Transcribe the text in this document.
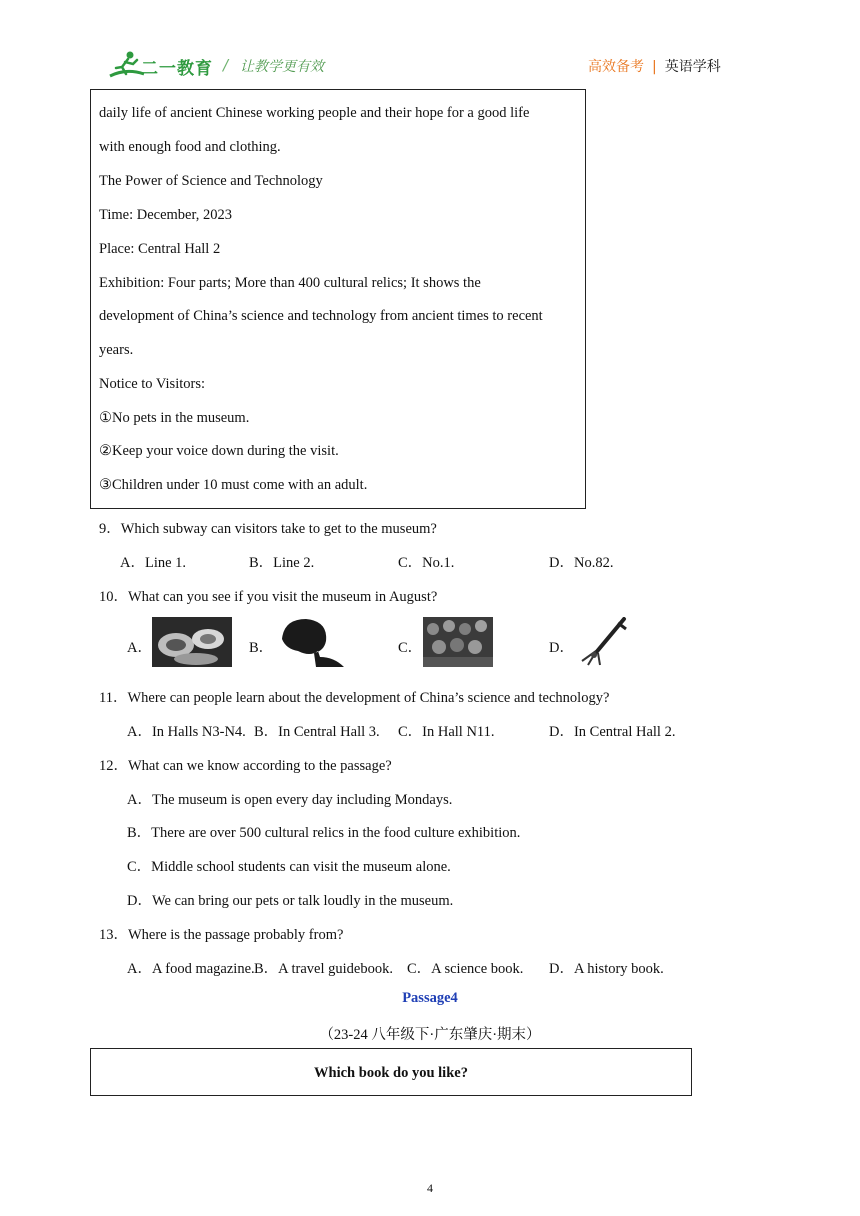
二一教育 / 让教学更有效	高效备考 | 英语学科
daily life of ancient Chinese working people and their hope for a good life
with enough food and clothing.
The Power of Science and Technology
Time: December, 2023
Place: Central Hall 2
Exhibition: Four parts; More than 400 cultural relics; It shows the
development of China’s science and technology from ancient times to recent
years.
Notice to Visitors:
①No pets in the museum.
②Keep your voice down during the visit.
③Children under 10 must come with an adult.
9．Which subway can visitors take to get to the museum?
A．Line 1.	B．Line 2.	C．No.1.	D．No.82.
10．What can you see if you visit the museum in August?
A．	B．	C．	D．
11．Where can people learn about the development of China’s science and technology?
A．In Halls N3-N4. B．In Central Hall 3. C．In Hall N11.	D．In Central Hall 2.
12．What can we know according to the passage?
A．The museum is open every day including Mondays.
B．There are over 500 cultural relics in the food culture exhibition.
C．Middle school students can visit the museum alone.
D．We can bring our pets or talk loudly in the museum.
13．Where is the passage probably from?
A．A food magazine. B．A travel guidebook. C．A science book. D．A history book.
Passage4
（23-24 八年级下·广东肇庆·期末）
Which book do you like?
4
